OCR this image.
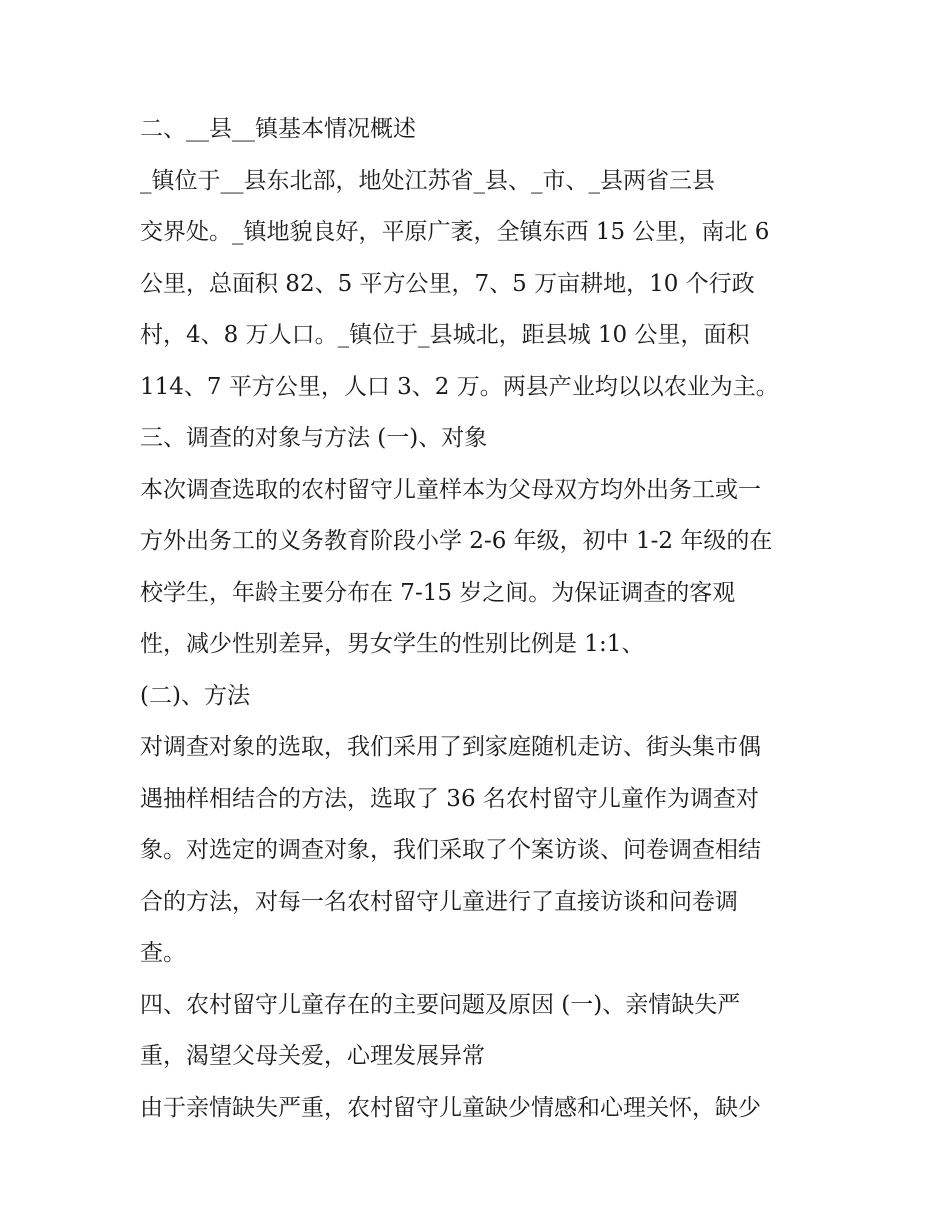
二、__县__镇基本情况概述
_镇位于__县东北部，地处江苏省_县、_市、_县两省三县
交界处。_镇地貌良好，平原广袤，全镇东西 15 公里，南北 6
公里，总面积 82、5 平方公里，7、5 万亩耕地，10 个行政
村，4、8 万人口。_镇位于_县城北，距县城 10 公里，面积
114、7 平方公里，人口 3、2 万。两县产业均以以农业为主。
三、调查的对象与方法 (一)、对象
本次调查选取的农村留守儿童样本为父母双方均外出务工或一
方外出务工的义务教育阶段小学 2-6 年级，初中 1-2 年级的在
校学生，年龄主要分布在 7-15 岁之间。为保证调查的客观
性，减少性别差异，男女学生的性别比例是 1:1、
(二)、方法
对调查对象的选取，我们采用了到家庭随机走访、街头集市偶
遇抽样相结合的方法，选取了 36 名农村留守儿童作为调查对
象。对选定的调查对象，我们采取了个案访谈、问卷调查相结
合的方法，对每一名农村留守儿童进行了直接访谈和问卷调
查。
四、农村留守儿童存在的主要问题及原因 (一)、亲情缺失严
重，渴望父母关爱，心理发展异常
由于亲情缺失严重，农村留守儿童缺少情感和心理关怀，缺少
